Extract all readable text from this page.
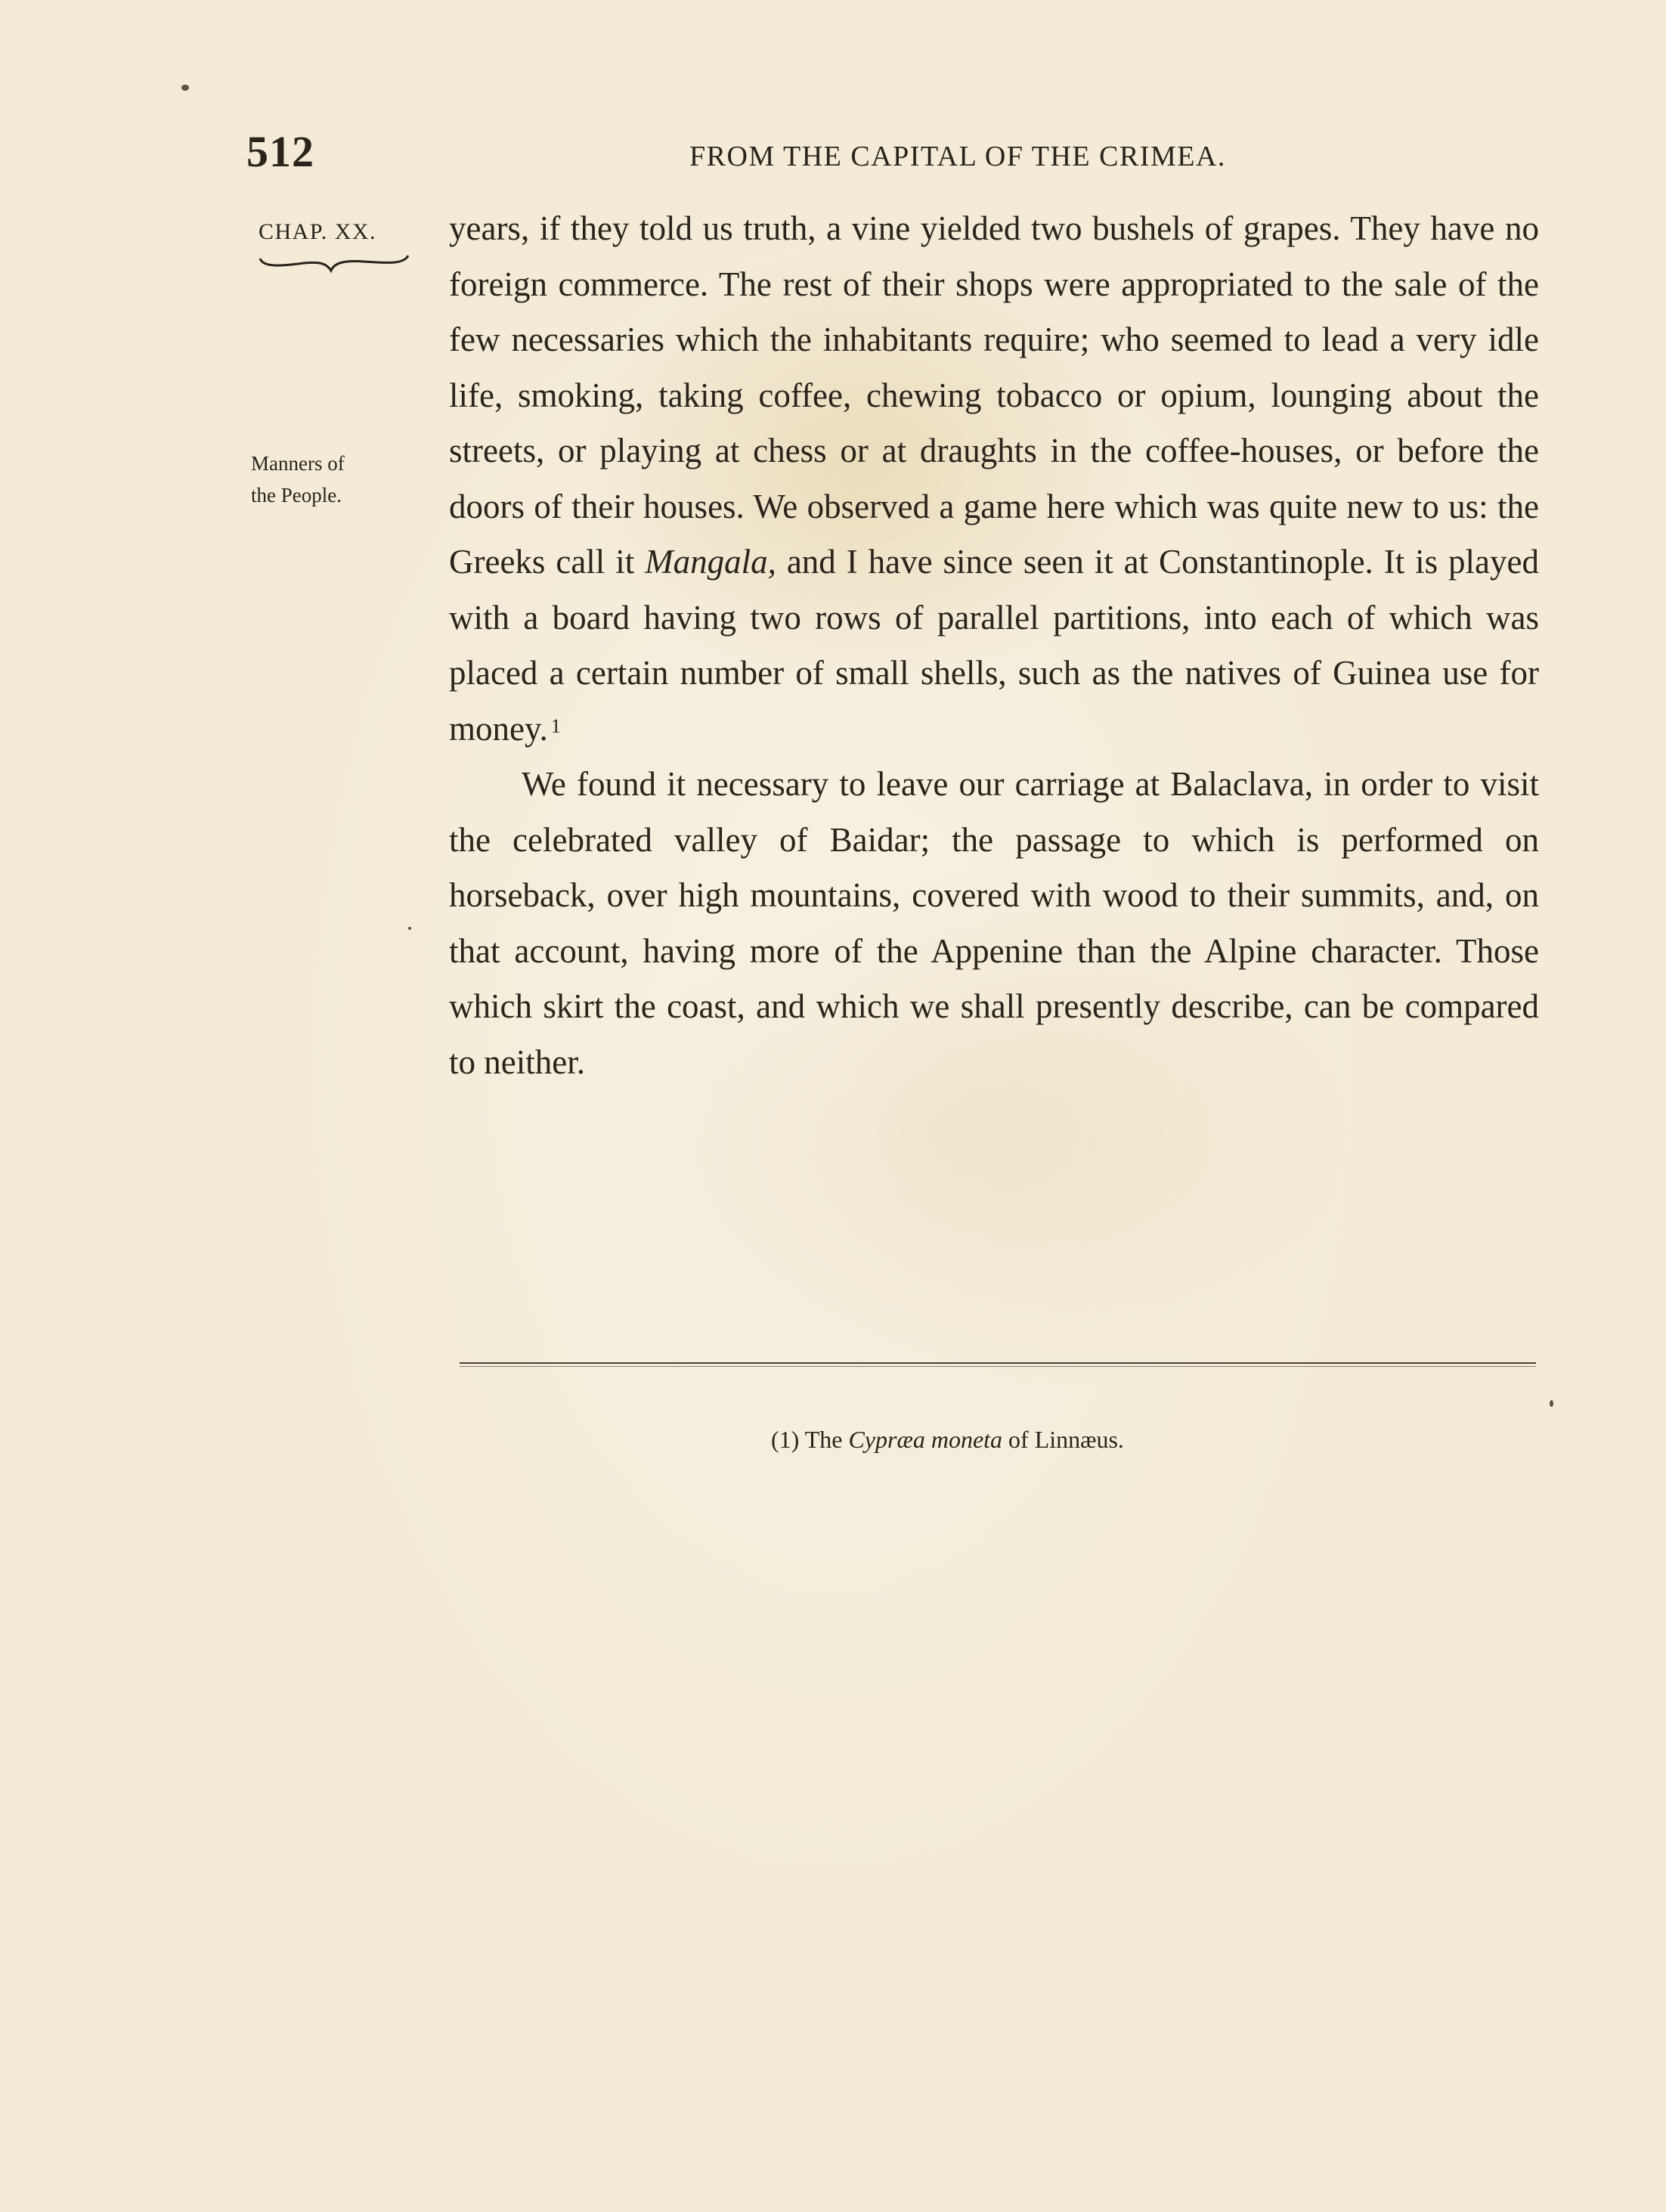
512	FROM THE CAPITAL OF THE CRIMEA.
CHAP. XX.
Manners of
the People.

years, if they told us truth, a vine yielded two bushels of grapes. They have no foreign commerce. The rest of their shops were appropriated to the sale of the few necessaries which the inhabitants require; who seemed to lead a very idle life, smoking, taking coffee, chewing tobacco or opium, lounging about the streets, or playing at chess or at draughts in the coffee-houses, or before the doors of their houses. We observed a game here which was quite new to us: the Greeks call it Mangala, and I have since seen it at Constantinople. It is played with a board having two rows of parallel partitions, into each of which was placed a certain number of small shells, such as the natives of Guinea use for money. $^1$

We found it necessary to leave our carriage at Balaclava, in order to visit the celebrated valley of Baidar; the passage to which is performed on horseback, over high mountains, covered with wood to their summits, and, on that account, having more of the Appenine than the Alpine character. Those which skirt the coast, and which we shall presently describe, can be compared to neither.

(1) The Cypræa moneta of Linnæus.
